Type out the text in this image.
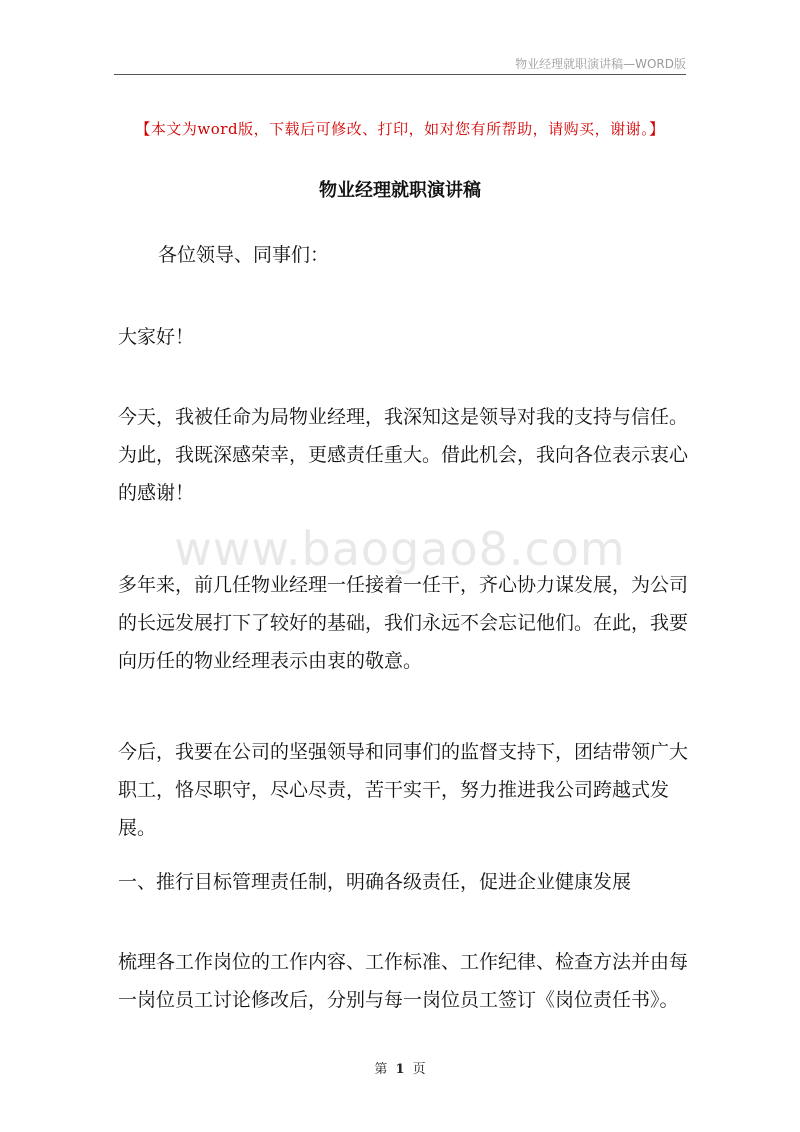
物业经理就职演讲稿—WORD版
【本文为word版，下载后可修改、打印，如对您有所帮助，请购买，谢谢。】
物业经理就职演讲稿
各位领导、同事们：
大家好！
今天，我被任命为局物业经理，我深知这是领导对我的支持与信任。为此，我既深感荣幸，更感责任重大。借此机会，我向各位表示衷心的感谢！
www.baogao8.com
多年来，前几任物业经理一任接着一任干，齐心协力谋发展，为公司的长远发展打下了较好的基础，我们永远不会忘记他们。在此，我要向历任的物业经理表示由衷的敬意。
今后，我要在公司的坚强领导和同事们的监督支持下，团结带领广大职工，恪尽职守，尽心尽责，苦干实干，努力推进我公司跨越式发展。
一、推行目标管理责任制，明确各级责任，促进企业健康发展
梳理各工作岗位的工作内容、工作标准、工作纪律、检查方法并由每一岗位员工讨论修改后，分别与每一岗位员工签订《岗位责任书》。
第 1 页
